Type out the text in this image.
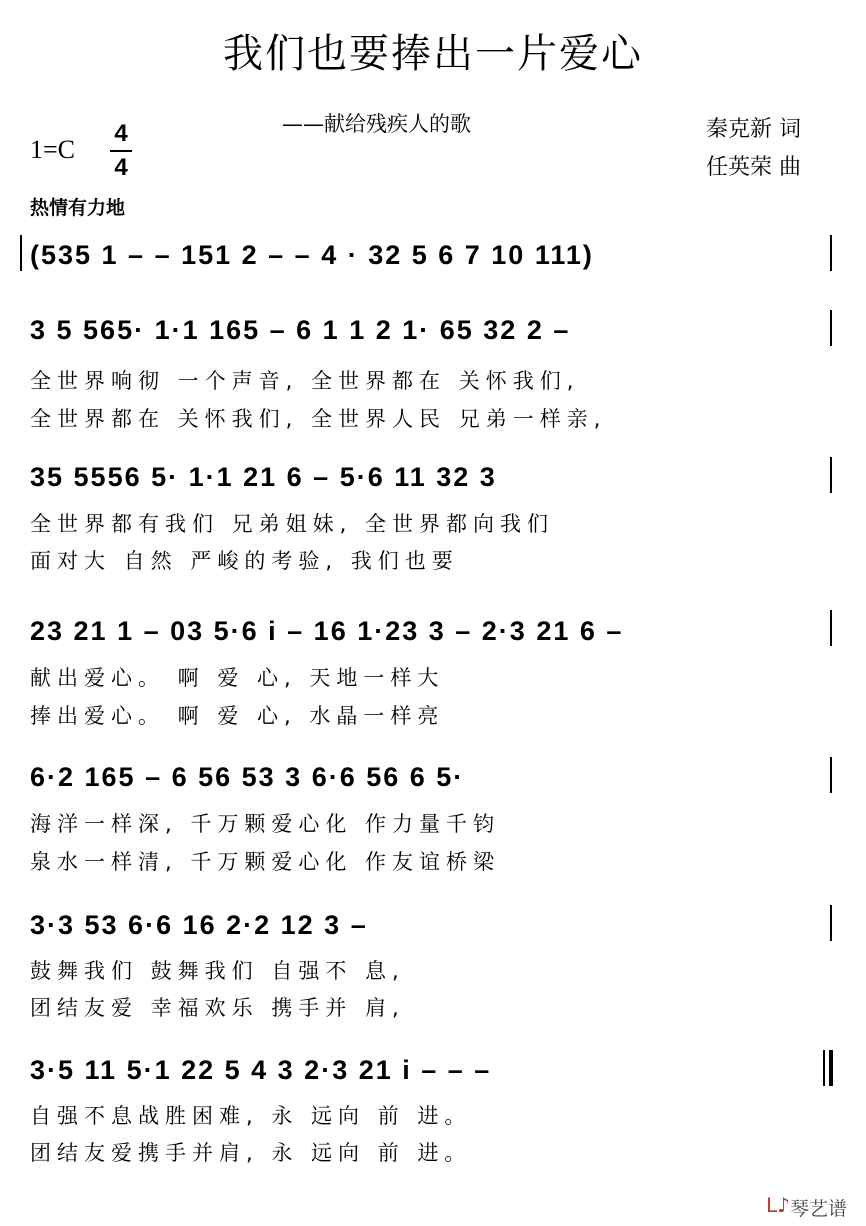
我们也要捧出一片爱心
——献给残疾人的歌	秦克新 词
任英荣 曲
1=C
4
4
热情有力地
(535 1 – – 151 2 – – 4 · 32 5 6 7 10 111)
3 5 565· 1·1 165 – 6 1 1 2 1· 65 32 2 –
全世界响彻 一个声音, 全世界都在 关怀我们,
全世界都在 关怀我们, 全世界人民 兄弟一样亲,
35 5556 5· 1·1 21 6 – 5·6 11 32 3
全世界都有我们 兄弟姐妹, 全世界都向我们
面对大 自然 严峻的考验, 我们也要
23 21 1 – 03 5·6 i – 16 1·23 3 – 2·3 21 6 –
献出爱心。 啊 爱 心, 天地一样大
捧出爱心。 啊 爱 心, 水晶一样亮
6·2 165 – 6 56 53 3 6·6 56 6 5·
海洋一样深, 千万颗爱心化 作力量千钧
泉水一样清, 千万颗爱心化 作友谊桥梁
3·3 53 6·6 16 2·2 12 3 –
鼓舞我们 鼓舞我们 自强不 息,
团结友爱 幸福欢乐 携手并 肩,
3·5 11 5·1 22 5 4 3 2·3 21 i – – –
自强不息战胜困难, 永 远向 前 进。
团结友爱携手并肩, 永 远向 前 进。
ᒪ♪ 琴艺谱
